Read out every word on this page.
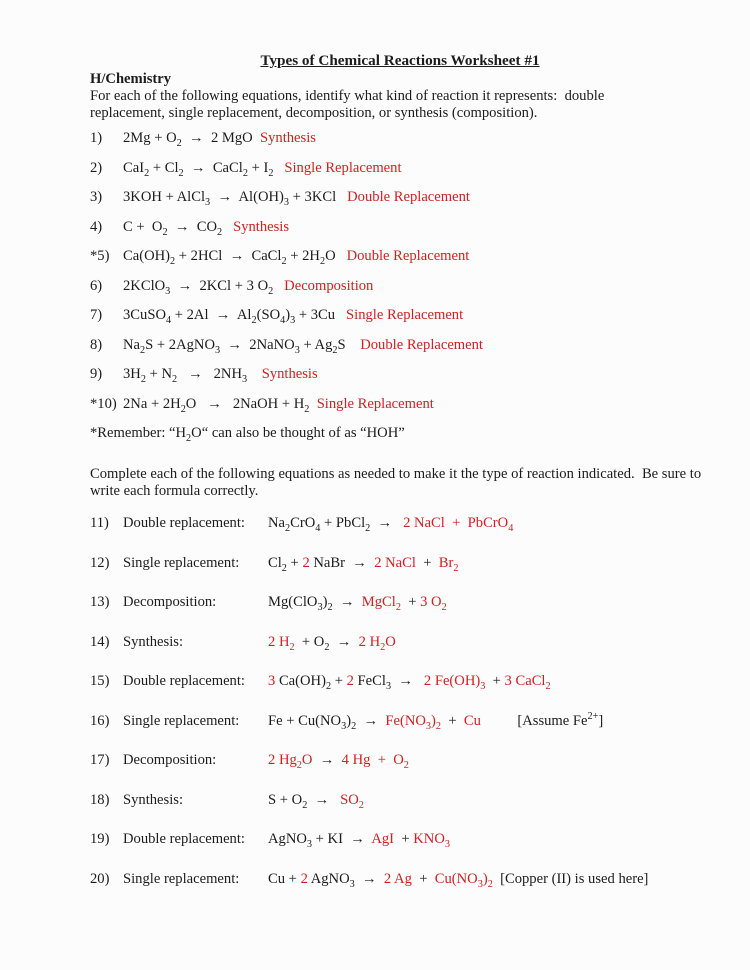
Types of Chemical Reactions Worksheet #1
H/Chemistry
For each of the following equations, identify what kind of reaction it represents:  double
replacement, single replacement, decomposition, or synthesis (composition).
1)	$2Mg + O_2 \to 2$ MgO  Synthesis
2)	$CaI_2 + Cl_2$  →  CaCl$_2$ + $I_2$ Single Replacement
3)	3KOH + AlCl$_3$  →  $Al(OH)_3 + 3KCl$   Double Replacement
4)	$C + O_2 \to CO_2$ Synthesis
*5) $Ca(OH)_2 + 2HCl$  →  CaCl$_2$ + $2H_2O$   Double Replacement
6)	2KClO$_3$  →  2KCl + 3 $O_2$ Decomposition
7)	3CuSO$_4$ + $2Al \to Al_2(SO_4)_3 + 3Cu$   Single Replacement
8)	$Na_2S$ + 2AgNO$_3$  →  2NaNO$_3$ + $Ag_2S$    Double Replacement
9)	$3H_2 + N_2 \to 2NH_3$ Synthesis
*10) $2Na + 2H_2O$   →   2NaOH + $H_2$ Single Replacement
*Remember: “$H_2O“$ can also be thought of as “HOH”
Complete each of the following equations as needed to make it the type of reaction indicated.  Be sure to
write each formula correctly.
11) Double replacement:	$Na_2CrO_4$ + PbCl$_2$  →   2 NaCl  +  PbCrO$_4$
12) Single replacement:	$Cl_2 + 2$ NaBr  →  2 NaCl  +  $Br_2$
13) Decomposition:	$Mg(ClO_3)_2$  →  MgCl$_2$  + 3 $O_2$
14) Synthesis:	2 $H_2 + O_2 \to 2$ $H_2O$
15) Double replacement:	3 $Ca(OH)_2 + 2$ FeCl$_3$  →   2 $Fe(OH)_3 + 3$ CaCl$_2$
16) Single replacement:	$Fe + Cu(NO_3)_2 \to Fe(NO_3)_2 + Cu$          [Assume $Fe^{2+}$]
17) Decomposition:	2 $Hg_2O \to 4$ $Hg + O_2$
18) Synthesis:	$S + O_2 \to SO_2$
19) Double replacement:	AgNO$_3$ + KI  →  AgI  + $KNO_3$
20) Single replacement:	Cu + 2 AgNO$_3$  →  2 $Ag + Cu(NO_3)_2$  [Copper (II) is used here]
